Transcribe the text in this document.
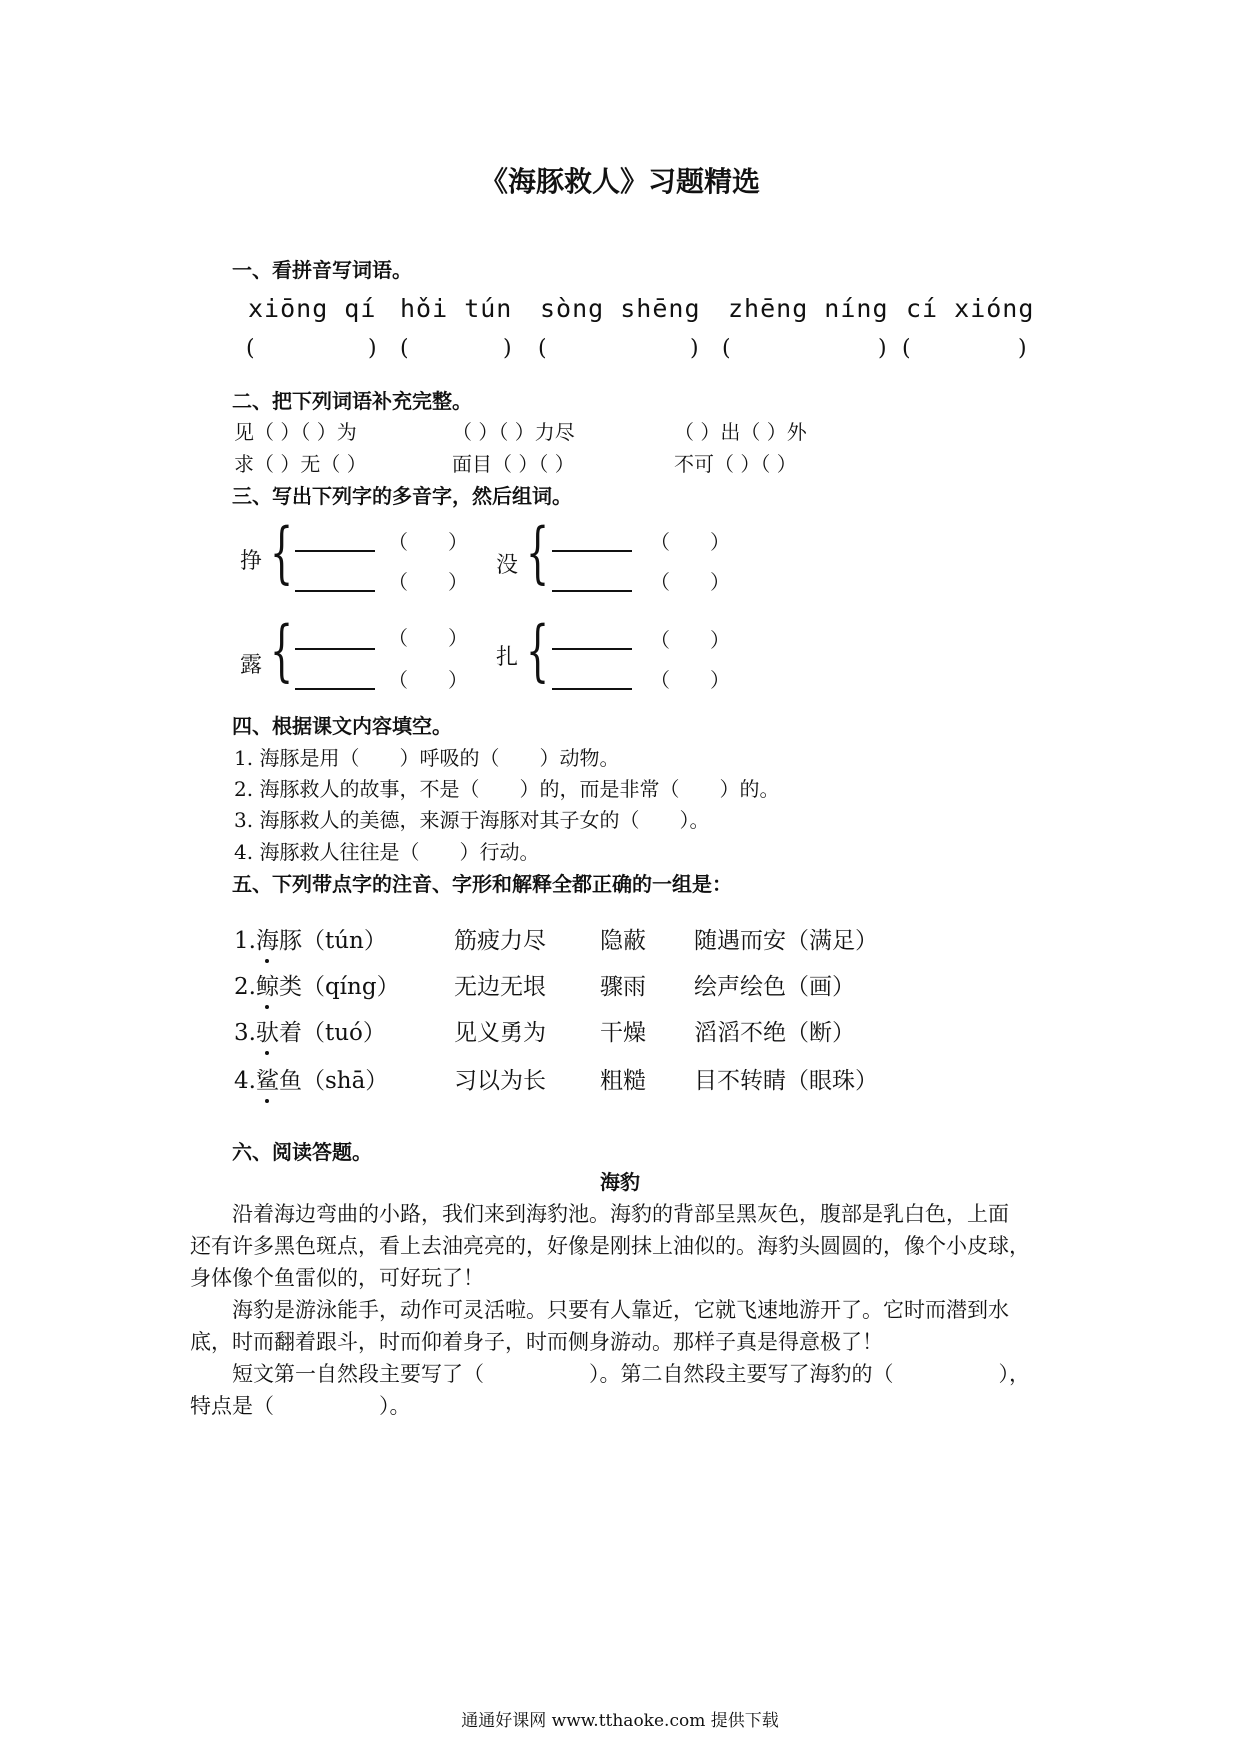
《海豚救人》习题精选
一、看拼音写词语。
xiōng qí hǒi tún sòng shēng zhēng níng cí xióng
(	) (	) (	) (	) (	)
二、把下列词语补充完整。
见（ ）（ ）为	（ ）（ ）力尽	（ ）出（ ）外
求（ ）无（ ）	面目（ ）（ ）	不可（ ）（ ）
三、写出下列字的多音字，然后组词。
挣 {	（　　）
（　　）
没 {	（　　）
（　　）
露 {	（　　）
（　　）
扎 {	（　　）
（　　）
四、根据课文内容填空。
1. 海豚是用（　　）呼吸的（　　）动物。
2. 海豚救人的故事，不是（　　）的，而是非常（　　）的。
3. 海豚救人的美德，来源于海豚对其子女的（　　）。
4. 海豚救人往往是（　　）行动。
五、下列带点字的注音、字形和解释全都正确的一组是：
1.海豚（tún）	筋疲力尽 隐蔽 随遇而安（满足）
2.鲸类（qíng） 无边无垠 骤雨 绘声绘色（画）
3.驮着（tuó）	见义勇为 干燥 滔滔不绝（断）
4.鲨鱼（shā）	习以为长 粗糙 目不转睛（眼珠）
六、阅读答题。
海豹
　　沿着海边弯曲的小路，我们来到海豹池。海豹的背部呈黑灰色，腹部是乳白色，上面
还有许多黑色斑点，看上去油亮亮的，好像是刚抹上油似的。海豹头圆圆的，像个小皮球，
身体像个鱼雷似的，可好玩了！
　　海豹是游泳能手，动作可灵活啦。只要有人靠近，它就飞速地游开了。它时而潜到水
底，时而翻着跟斗，时而仰着身子，时而侧身游动。那样子真是得意极了！
　　短文第一自然段主要写了（　　　　　）。第二自然段主要写了海豹的（　　　　　），
特点是（　　　　　）。
通通好课网 www.tthaoke.com 提供下载
